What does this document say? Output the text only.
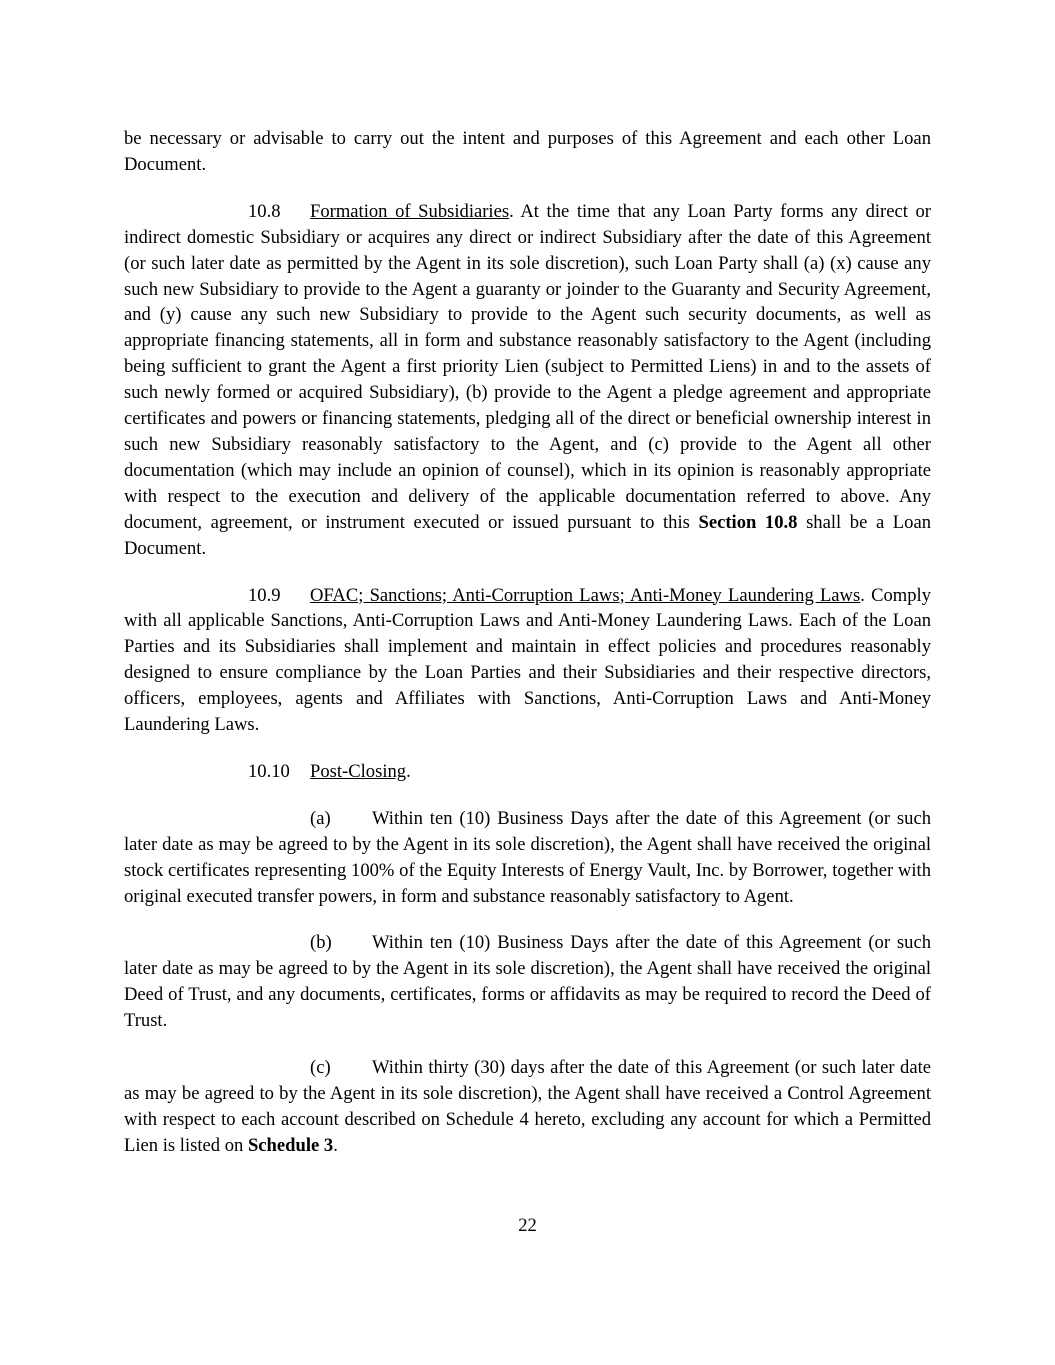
be necessary or advisable to carry out the intent and purposes of this Agreement and each other Loan Document.

10.8 Formation of Subsidiaries. At the time that any Loan Party forms any direct or indirect domestic Subsidiary or acquires any direct or indirect Subsidiary after the date of this Agreement (or such later date as permitted by the Agent in its sole discretion), such Loan Party shall (a) (x) cause any such new Subsidiary to provide to the Agent a guaranty or joinder to the Guaranty and Security Agreement, and (y) cause any such new Subsidiary to provide to the Agent such security documents, as well as appropriate financing statements, all in form and substance reasonably satisfactory to the Agent (including being sufficient to grant the Agent a first priority Lien (subject to Permitted Liens) in and to the assets of such newly formed or acquired Subsidiary), (b) provide to the Agent a pledge agreement and appropriate certificates and powers or financing statements, pledging all of the direct or beneficial ownership interest in such new Subsidiary reasonably satisfactory to the Agent, and (c) provide to the Agent all other documentation (which may include an opinion of counsel), which in its opinion is reasonably appropriate with respect to the execution and delivery of the applicable documentation referred to above. Any document, agreement, or instrument executed or issued pursuant to this Section 10.8 shall be a Loan Document.

10.9 OFAC; Sanctions; Anti-Corruption Laws; Anti-Money Laundering Laws. Comply with all applicable Sanctions, Anti-Corruption Laws and Anti-Money Laundering Laws. Each of the Loan Parties and its Subsidiaries shall implement and maintain in effect policies and procedures reasonably designed to ensure compliance by the Loan Parties and their Subsidiaries and their respective directors, officers, employees, agents and Affiliates with Sanctions, Anti-Corruption Laws and Anti-Money Laundering Laws.

10.10 Post-Closing.

(a) Within ten (10) Business Days after the date of this Agreement (or such later date as may be agreed to by the Agent in its sole discretion), the Agent shall have received the original stock certificates representing 100% of the Equity Interests of Energy Vault, Inc. by Borrower, together with original executed transfer powers, in form and substance reasonably satisfactory to Agent.

(b) Within ten (10) Business Days after the date of this Agreement (or such later date as may be agreed to by the Agent in its sole discretion), the Agent shall have received the original Deed of Trust, and any documents, certificates, forms or affidavits as may be required to record the Deed of Trust.

(c) Within thirty (30) days after the date of this Agreement (or such later date as may be agreed to by the Agent in its sole discretion), the Agent shall have received a Control Agreement with respect to each account described on Schedule 4 hereto, excluding any account for which a Permitted Lien is listed on Schedule 3.

22
